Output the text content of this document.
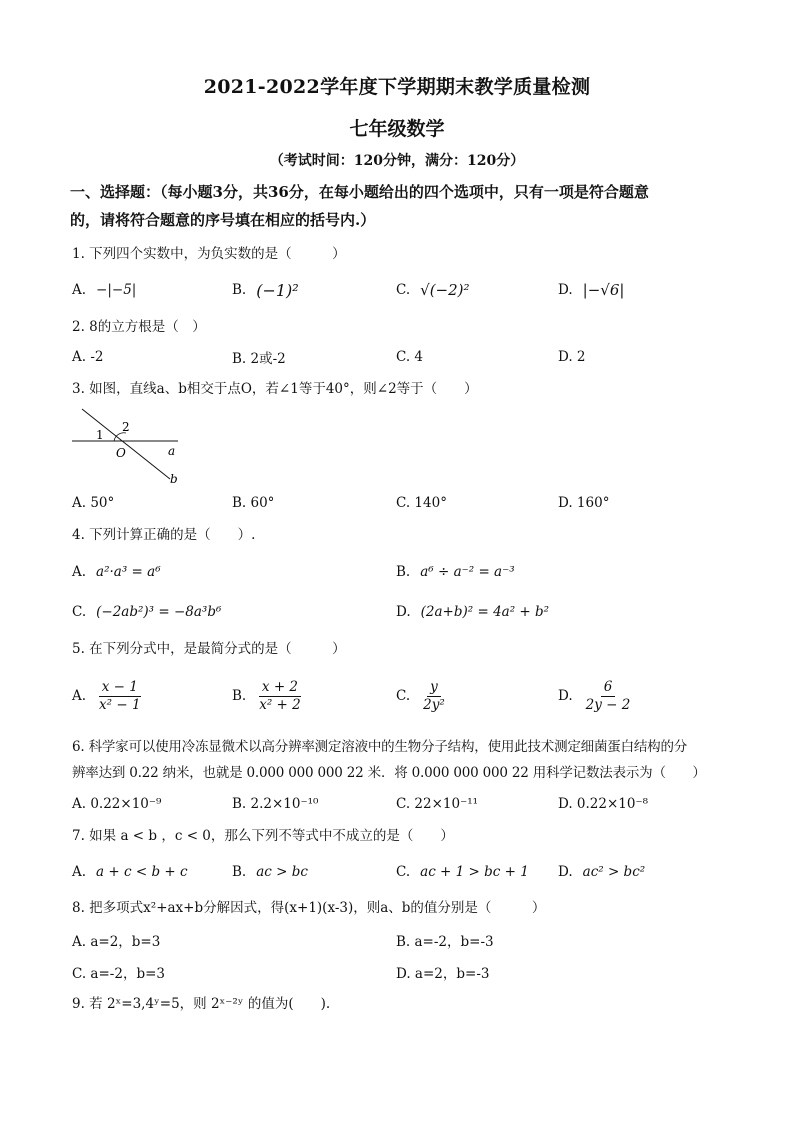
2021-2022学年度下学期期末教学质量检测
七年级数学
（考试时间：120分钟，满分：120分）
一、选择题：（每小题3分，共36分，在每小题给出的四个选项中，只有一项是符合题意
的，请将符合题意的序号填在相应的括号内.）
1. 下列四个实数中，为负实数的是（　　　）
A. −|−5|	B. (−1)²	C. √(−2)²	D. |−√6|
2. 8的立方根是（　）
A. -2	B. 2或-2	C. 4	D. 2
3. 如图，直线a、b相交于点O，若∠1等于40°，则∠2等于（　　）
1
2
O	a
b
A. 50°	B. 60°	C. 140°	D. 160°
4. 下列计算正确的是（　　）.
A. a²·a³ = a⁶	B. a⁶ ÷ a⁻² = a⁻³
C. (−2ab²)³ = −8a³b⁶	D. (2a+b)² = 4a² + b²
5. 在下列分式中，是最简分式的是（　　　）
A. $\frac{x - 1}{\text{x² − 1}}$	B. $\frac{x + 2}{\text{x² + 2}}$	C. $\frac{y}{\text{2y²}}$	D. $\frac{6}{2y - 2}$
6. 科学家可以使用冷冻显微术以高分辨率测定溶液中的生物分子结构，使用此技术测定细菌蛋白结构的分
辨率达到 0.22 纳米，也就是 0.000 000 000 22 米．将 0.000 000 000 22 用科学记数法表示为（　　）
A. 0.22×10⁻⁹	B. 2.2×10⁻¹⁰	C. 22×10⁻¹¹	D. 0.22×10⁻⁸
7. 如果 a < b ，c < 0，那么下列不等式中不成立的是（　　）
A. a + c < b + c	B. ac > bc	C. ac + 1 > bc + 1 D. ac² > bc²
8. 把多项式x²+ax+b分解因式，得(x+1)(x-3)，则a、b的值分别是（　　　）
A. a=2，b=3	B. a=-2，b=-3
C. a=-2，b=3	D. a=2，b=-3
9. 若 2ˣ=3,4ʸ=5，则 2ˣ⁻²ʸ 的值为(　　).
